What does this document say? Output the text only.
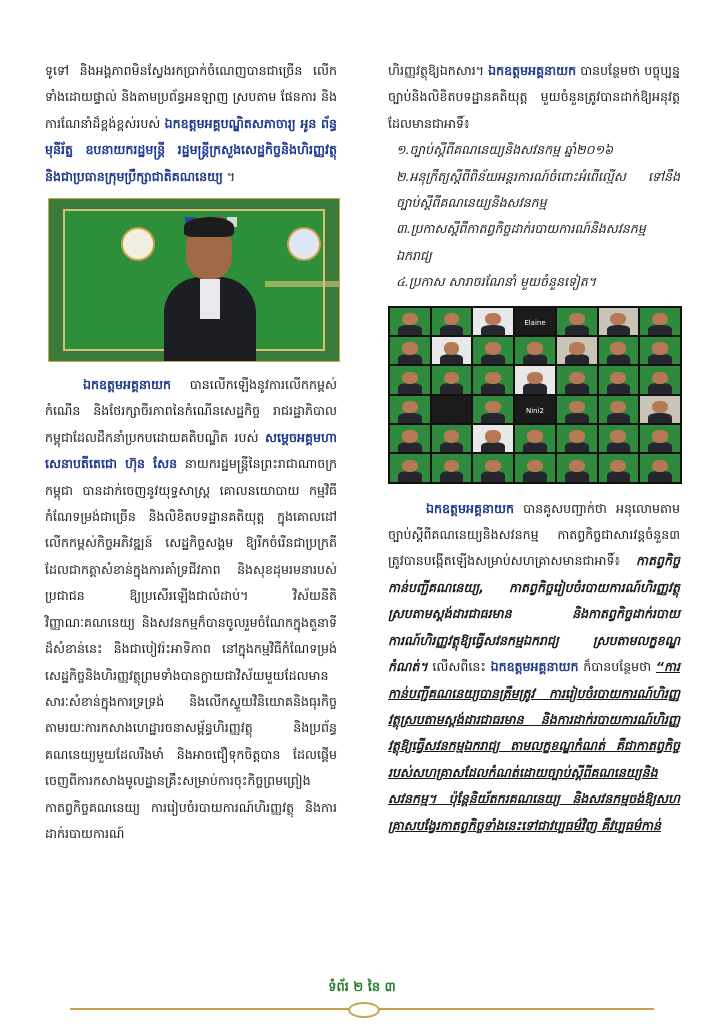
ទូទៅ និងអង្គភាពមិនស្វែងរកប្រាក់ចំណេញបានជាច្រើន លើកទាំងដោយផ្ទាល់ និងតាមប្រព័ន្ធអនឡាញ ស្របតាម ផែនការ និងការណែនាំដ៏ខ្ពង់ខ្ពស់របស់ ឯកឧត្តមអគ្គបណ្ឌិតសភាចារ្យ អូន ព័ន្ធមុនីរ័ត្ន ឧបនាយករដ្ឋមន្ត្រី រដ្ឋមន្ត្រីក្រសួងសេដ្ឋកិច្ចនិងហិរញ្ញវត្ថុ និងជាប្រធានក្រុមប្រឹក្សាជាតិគណនេយ្យ ។

ឯកឧត្តមអគ្គនាយក បានលើកឡើងនូវការលើកកម្ពស់កំណើន និងថែរក្សាចីរភាពនៃកំណើនសេដ្ឋកិច្ច រាជរដ្ឋាភិបាលកម្ពុជាដែលដឹកនាំប្រកបដោយគតិបណ្ឌិត របស់ សម្តេចអគ្គមហាសេនាបតីតេជោ ហ៊ុន សែន នាយករដ្ឋមន្ត្រីនៃព្រះរាជាណាចក្រកម្ពុជា បានដាក់ចេញនូវយុទ្ធសាស្ត្រ គោលនយោបាយ កម្មវិធីកំណែទម្រង់ជាច្រើន និងលិខិតបទដ្ឋានគតិយុត្ត ក្នុងគោលដៅលើកកម្ពស់កិច្ចអភិវឌ្ឍន៍ សេដ្ឋកិច្ចសង្គម ឱ្យរីកចំរើនជាប្រក្រតី ដែលជាកត្តាសំខាន់ក្នុងការគាំទ្រជីវភាព និងសុខដុមរមនារបស់ប្រជាជន ឱ្យប្រសើរឡើងជាលំដាប់។ វិស័យនីតិវិញ្ញាណៈគណនេយ្យ និងសវនកម្មក៏បានចូលរួមចំណែកក្នុងតួនាទីដ៏សំខាន់នេះ និងជាបៀវរ៉ះអាទិភាព នៅក្នុងកម្មវិធីកំណែទម្រង់សេដ្ឋកិច្ចនិងហិរញ្ញវត្ថុព្រមទាំងបានក្លាយជាវិស័យមួយដែលមានសារៈសំខាន់ក្នុងការទ្រទ្រង់ និងលើកស្ទួយវិនិយោគនិងធុរកិច្ច តាមរយៈការកសាងហេដ្ឋារចនាសម្ព័ន្ធហិរញ្ញវត្ថុ និងប្រព័ន្ធគណនេយ្យមួយដែលរឹងមាំ និងអាចជឿទុកចិត្តបាន ដែលផ្តើមចេញពីការកសាងមូលដ្ឋានគ្រឹះសម្រាប់ការចុះកិច្ចព្រមព្រៀងកាតព្វកិច្ចគណនេយ្យ ការរៀបចំរបាយការណ៍ហិរញ្ញវត្ថុ និងការដាក់របាយការណ៍

ហិរញ្ញវត្ថុឱ្យឯកសារ។ ឯកឧត្តមអគ្គនាយក បានបន្ថែមថា បច្ចុប្បន្នច្បាប់និងលិខិតបទដ្ឋានគតិយុត្ត មួយចំនួនត្រូវបានដាក់ឱ្យអនុវត្ត ដែលមានជាអាទិ៍៖

១.ច្បាប់ស្តីពីគណនេយ្យនិងសវនកម្ម ឆ្នាំ២០១៦
២.អនុក្រឹត្យស្តីពីពិន័យអន្តរការណ៍ចំពោះអំពើល្មើស ទៅនឹងច្បាប់ស្តីពីគណនេយ្យនិងសវនកម្ម
៣.ប្រកាសស្តីពីកាតព្វកិច្ចដាក់របាយការណ៍និងសវនកម្មឯករាជ្យ
៤.ប្រកាស សារាចរណែនាំ មួយចំនួនទៀត។
Elaine
Nini2

ឯកឧត្តមអគ្គនាយក បានគូសបញ្ជាក់ថា អនុលោមតាមច្បាប់ស្តីពីគណនេយ្យនិងសវនកម្ម កាតព្វកិច្ចជាសារវន្តចំនួន៣ ត្រូវបានបង្កើតឡើងសម្រាប់សហគ្រាសមានជាអាទិ៍៖ កាតព្វកិច្ចកាន់បញ្ជីគណនេយ្យ, កាតព្វកិច្ចរៀបចំរបាយការណ៍ហិរញ្ញវត្ថុស្របតាមស្តង់ដារជាធរមាន និងកាតព្វកិច្ចដាក់របាយការណ៍ហិរញ្ញវត្ថុឱ្យធ្វើសវនកម្មឯករាជ្យ ស្របតាមលក្ខខណ្ឌកំណត់។ លើសពីនេះ ឯកឧត្តមអគ្គនាយក ក៏បានបន្ថែមថា “ការកាន់បញ្ជីគណនេយ្យបានត្រឹមត្រូវ ការរៀបចំរបាយការណ៍ហិរញ្ញវត្ថុស្របតាមស្តង់ដារជាធរមាន និងការដាក់របាយការណ៍ហិរញ្ញវត្ថុឱ្យធ្វើសវនកម្មឯករាជ្យ តាមលក្ខខណ្ឌកំណត់ គឺជាកាតព្វកិច្ចរបស់សហគ្រាសដែលកំណត់ដោយច្បាប់ស្តីពីគណនេយ្យនិងសវនកម្ម។ ប៉ុន្តែនិយ័តករគណនេយ្យ និងសវនកម្មចង់ឱ្យសហគ្រាសបង្វែរកាតព្វកិច្ចទាំងនេះទៅជាវប្បធម៌វិញ គឺវប្បធម៌កាន់

ទំព័រ ២ នៃ ៣
